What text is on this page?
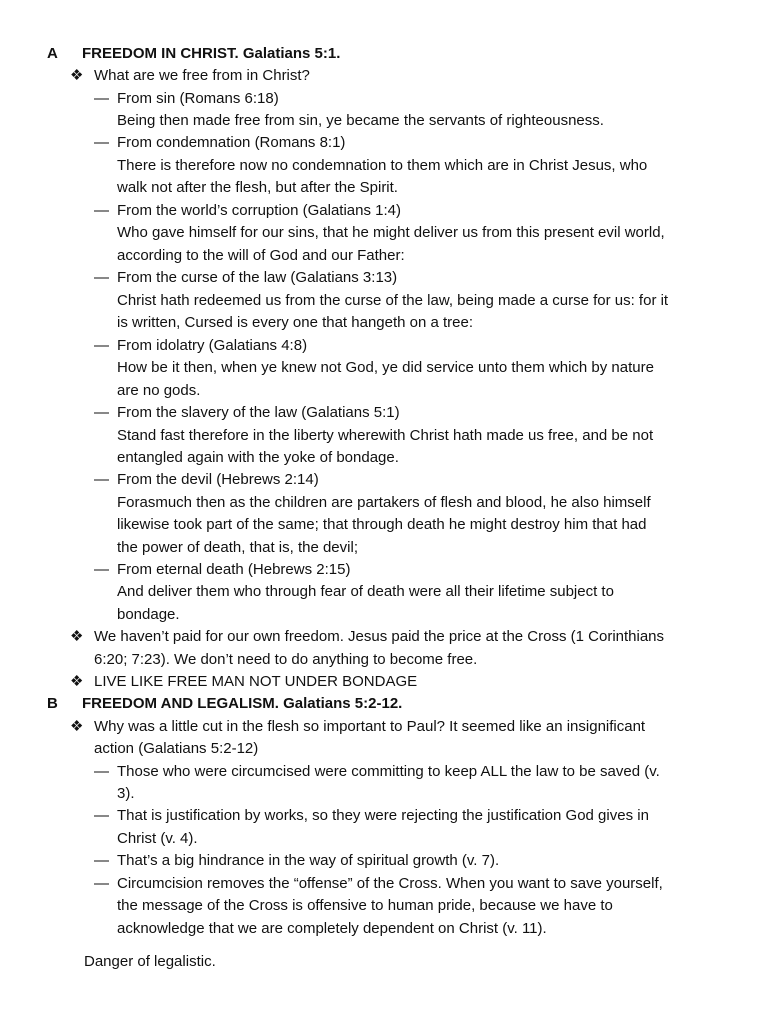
A FREEDOM IN CHRIST. Galatians 5:1.
❖ What are we free from in Christ?
— From sin (Romans 6:18)
Being then made free from sin, ye became the servants of righteousness.
— From condemnation (Romans 8:1)
There is therefore now no condemnation to them which are in Christ Jesus, who
walk not after the flesh, but after the Spirit.
— From the world’s corruption (Galatians 1:4)
Who gave himself for our sins, that he might deliver us from this present evil world,
according to the will of God and our Father:
— From the curse of the law (Galatians 3:13)
Christ hath redeemed us from the curse of the law, being made a curse for us: for it
is written, Cursed is every one that hangeth on a tree:
— From idolatry (Galatians 4:8)
How be it then, when ye knew not God, ye did service unto them which by nature
are no gods.
— From the slavery of the law (Galatians 5:1)
Stand fast therefore in the liberty wherewith Christ hath made us free, and be not
entangled again with the yoke of bondage.
— From the devil (Hebrews 2:14)
Forasmuch then as the children are partakers of flesh and blood, he also himself
likewise took part of the same; that through death he might destroy him that had
the power of death, that is, the devil;
— From eternal death (Hebrews 2:15)
And deliver them who through fear of death were all their lifetime subject to
bondage.
❖ We haven’t paid for our own freedom. Jesus paid the price at the Cross (1 Corinthians
6:20; 7:23). We don’t need to do anything to become free.
❖ LIVE LIKE FREE MAN NOT UNDER BONDAGE
B FREEDOM AND LEGALISM. Galatians 5:2-12.
❖ Why was a little cut in the flesh so important to Paul? It seemed like an insignificant
action (Galatians 5:2-12)
— Those who were circumcised were committing to keep ALL the law to be saved (v.
3).
— That is justification by works, so they were rejecting the justification God gives in
Christ (v. 4).
— That’s a big hindrance in the way of spiritual growth (v. 7).
— Circumcision removes the “offense” of the Cross. When you want to save yourself,
the message of the Cross is offensive to human pride, because we have to
acknowledge that we are completely dependent on Christ (v. 11).
Danger of legalistic.
